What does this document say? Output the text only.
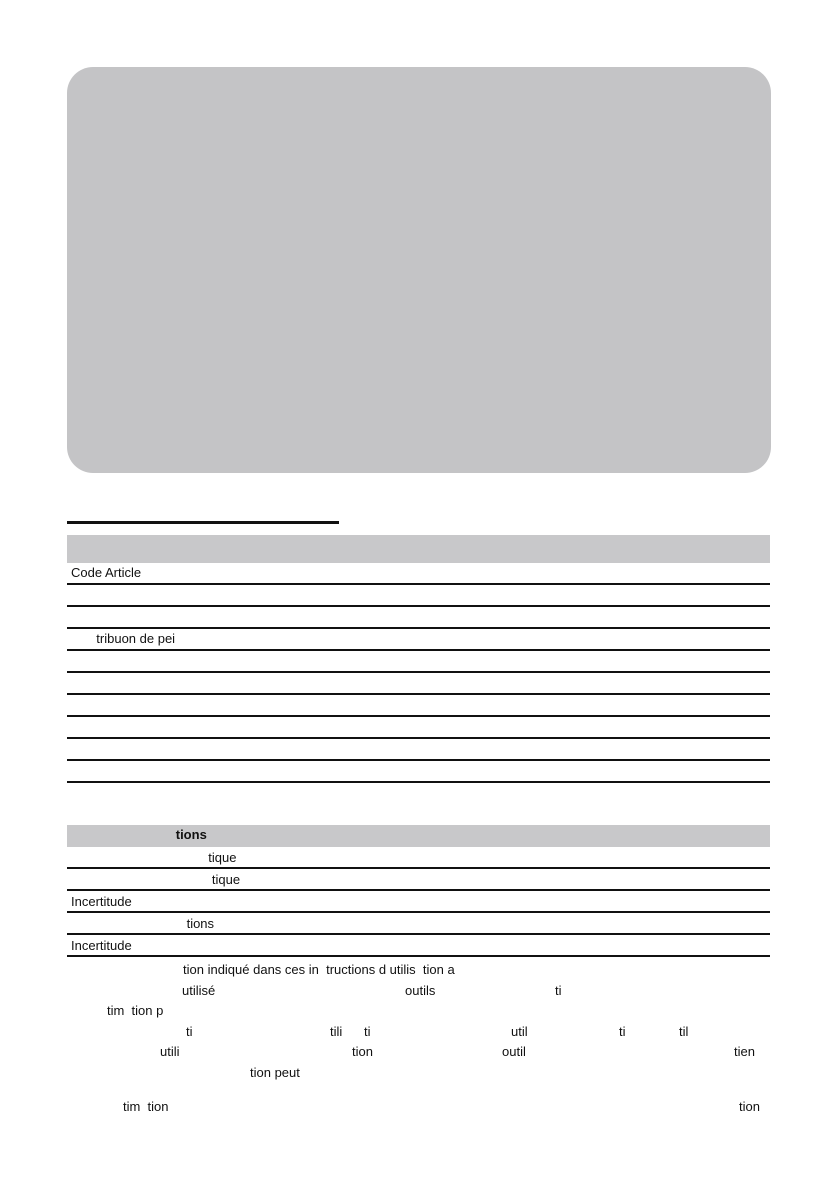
Code Article
tribuon de pei
tions
tique
tique
Incertitude
tions
Incertitude
tion indiqué dans ces in  tructions d utilis  tion a
utilisé	outils	ti
tim  tion p
ti	tili ti	util	ti	til
utili	tion	outil	tien
tion peut
tim  tion	tion
